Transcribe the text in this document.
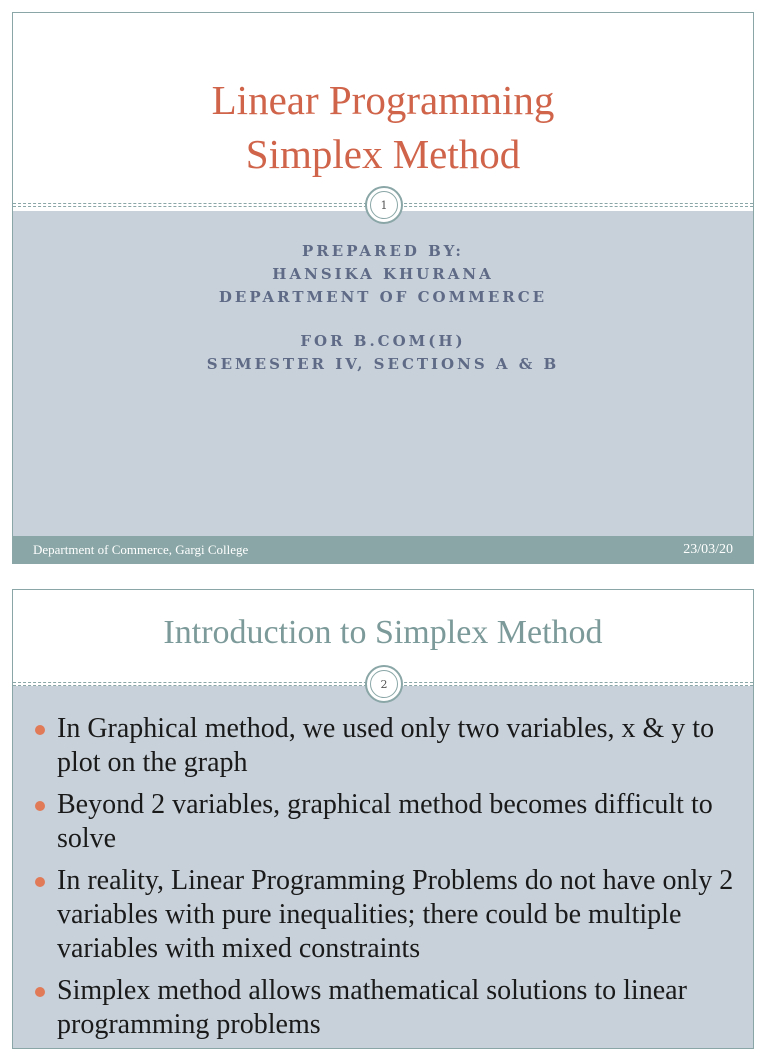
Linear Programming
Simplex Method
1
PREPARED BY:
HANSIKA KHURANA
DEPARTMENT OF COMMERCE
FOR B.COM(H)
SEMESTER IV, SECTIONS A & B
Department of Commerce, Gargi College	23/03/20
Introduction to Simplex Method
2
In Graphical method, we used only two variables, x & y to plot on the graph
Beyond 2 variables, graphical method becomes difficult to solve
In reality, Linear Programming Problems do not have only 2 variables with pure inequalities; there could be multiple variables with mixed constraints
Simplex method allows mathematical solutions to linear programming problems
